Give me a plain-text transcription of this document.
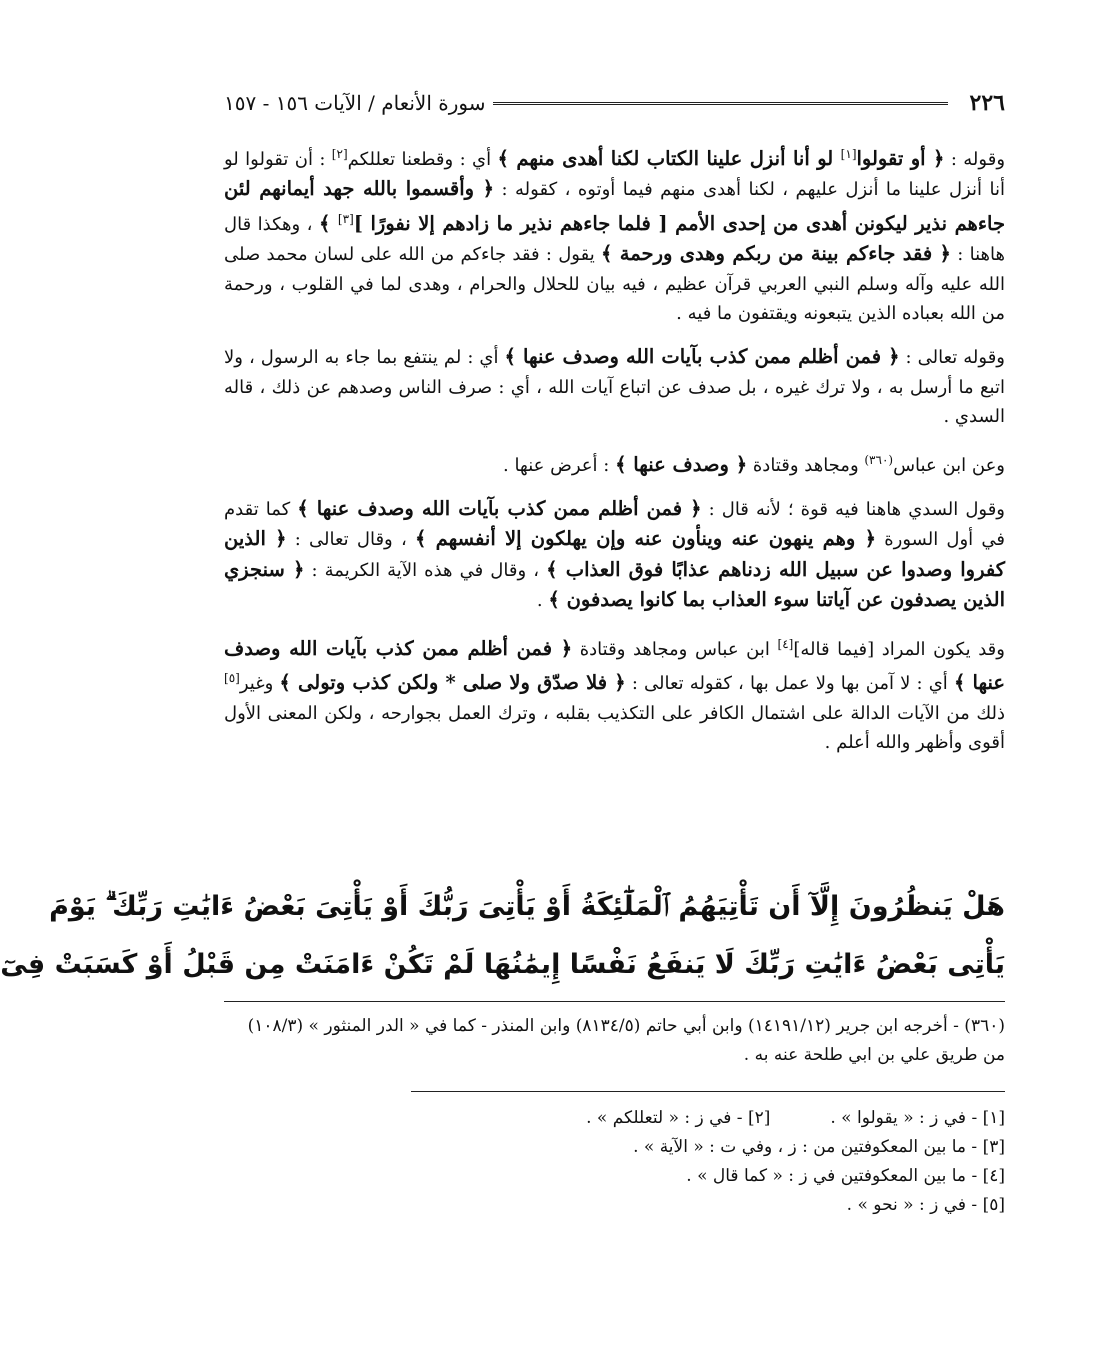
٢٢٦
سورة الأنعام / الآيات ١٥٦ - ١٥٧

وقوله : ﴿ أو تقولوا[١] لو أنا أنزل علينا الكتاب لكنا أهدى منهم ﴾ أي : وقطعنا تعللكم[٢] : أن تقولوا لو أنا أنزل علينا ما أنزل عليهم ، لكنا أهدى منهم فيما أوتوه ، كقوله : ﴿ وأقسموا بالله جهد أيمانهم لئن جاءهم نذير ليكونن أهدى من إحدى الأمم [ فلما جاءهم نذير ما زادهم إلا نفورًا ][٣] ﴾ ، وهكذا قال هاهنا : ﴿ فقد جاءكم بينة من ربكم وهدى ورحمة ﴾ يقول : فقد جاءكم من الله على لسان محمد صلى الله عليه وآله وسلم النبي العربي قرآن عظيم ، فيه بيان للحلال والحرام ، وهدى لما في القلوب ، ورحمة من الله بعباده الذين يتبعونه ويقتفون ما فيه .

وقوله تعالى : ﴿ فمن أظلم ممن كذب بآيات الله وصدف عنها ﴾ أي : لم ينتفع بما جاء به الرسول ، ولا اتبع ما أرسل به ، ولا ترك غيره ، بل صدف عن اتباع آيات الله ، أي : صرف الناس وصدهم عن ذلك ، قاله السدي .

وعن ابن عباس$^{(٣٦٠)}$ ومجاهد وقتادة ﴿ وصدف عنها ﴾ : أعرض عنها .

وقول السدي هاهنا فيه قوة ؛ لأنه قال : ﴿ فمن أظلم ممن كذب بآيات الله وصدف عنها ﴾ كما تقدم في أول السورة ﴿ وهم ينهون عنه وينأون عنه وإن يهلكون إلا أنفسهم ﴾ ، وقال تعالى : ﴿ الذين كفروا وصدوا عن سبيل الله زدناهم عذابًا فوق العذاب ﴾ ، وقال في هذه الآية الكريمة : ﴿ سنجزي الذين يصدفون عن آياتنا سوء العذاب بما كانوا يصدفون ﴾ .

وقد يكون المراد [فيما قاله][٤] ابن عباس ومجاهد وقتادة ﴿ فمن أظلم ممن كذب بآيات الله وصدف عنها ﴾ أي : لا آمن بها ولا عمل بها ، كقوله تعالى : ﴿ فلا صدّق ولا صلى * ولكن كذب وتولى ﴾ وغير[٥] ذلك من الآيات الدالة على اشتمال الكافر على التكذيب بقلبه ، وترك العمل بجوارحه ، ولكن المعنى الأول أقوى وأظهر والله أعلم .

هَلْ يَنظُرُونَ إِلَّآ أَن تَأْتِيَهُمُ ٱلْمَلَٰٓئِكَةُ أَوْ يَأْتِىَ رَبُّكَ أَوْ يَأْتِىَ بَعْضُ ءَايَٰتِ رَبِّكَ ۗ يَوْمَ
يَأْتِى بَعْضُ ءَايَٰتِ رَبِّكَ لَا يَنفَعُ نَفْسًا إِيمَٰنُهَا لَمْ تَكُنْ ءَامَنَتْ مِن قَبْلُ أَوْ كَسَبَتْ فِىٓ
(٣٦٠) - أخرجه ابن جرير (١٤١٩١/١٢) وابن أبي حاتم (٨١٣٤/٥) وابن المنذر - كما في « الدر المنثور » (١٠٨/٣) من طريق علي بن ابي طلحة عنه به .
[١] - في ز : « يقولوا » .
[٢] - في ز : « لتعللكم » .
[٣] - ما بين المعكوفتين من : ز ، وفي ت : « الآية » .
[٤] - ما بين المعكوفتين في ز : « كما قال » .
[٥] - في ز : « نحو » .
